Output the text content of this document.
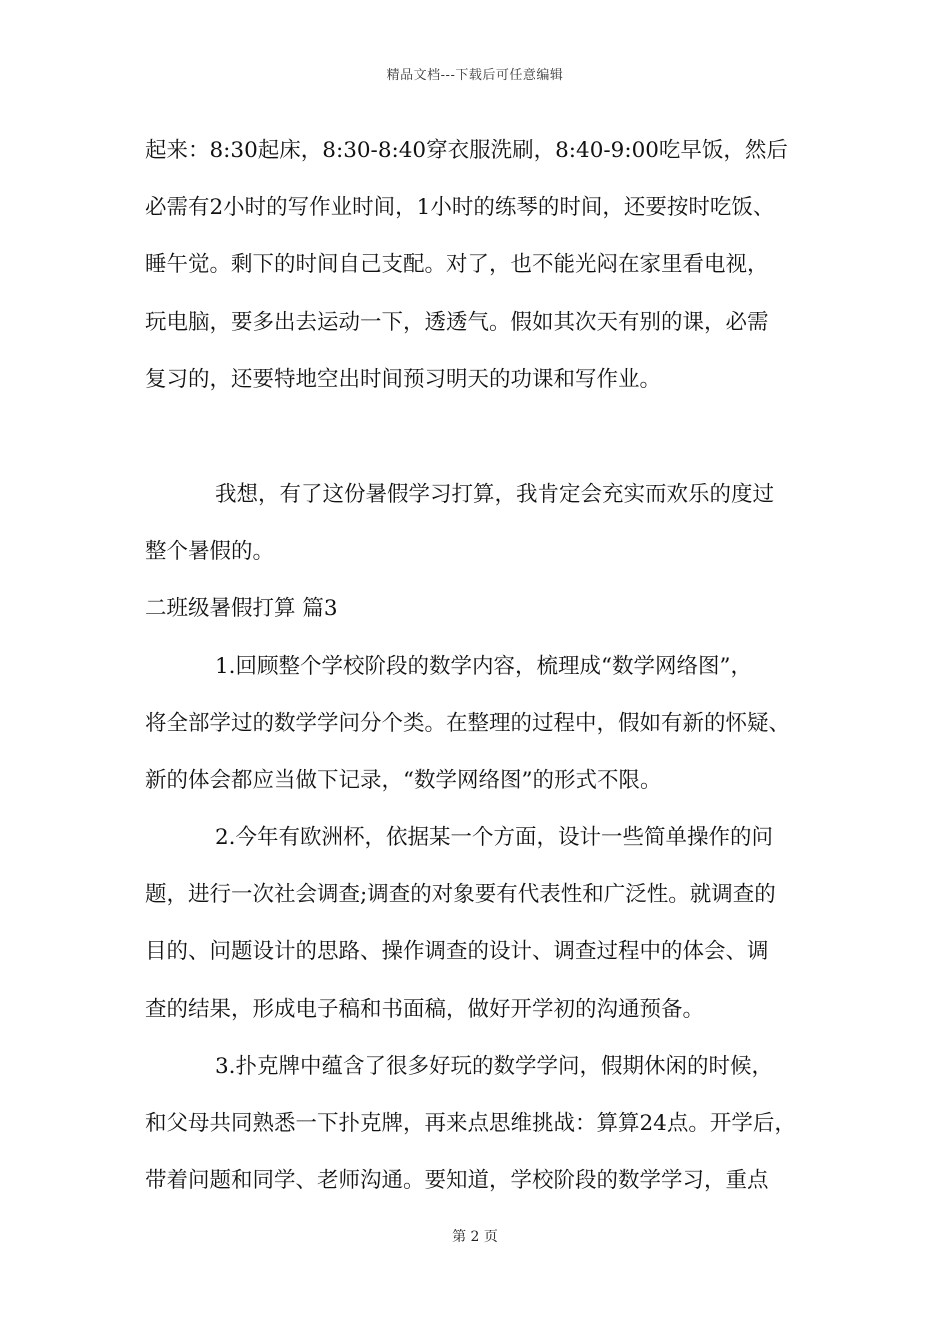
精品文档---下载后可任意编辑
起来：8:30起床，8:30-8:40穿衣服洗刷，8:40-9:00吃早饭，然后
必需有2小时的写作业时间，1小时的练琴的时间，还要按时吃饭、
睡午觉。剩下的时间自己支配。对了，也不能光闷在家里看电视，
玩电脑，要多出去运动一下，透透气。假如其次天有别的课，必需
复习的，还要特地空出时间预习明天的功课和写作业。
我想，有了这份暑假学习打算，我肯定会充实而欢乐的度过
整个暑假的。
二班级暑假打算 篇3
1.回顾整个学校阶段的数学内容，梳理成“数学网络图”，
将全部学过的数学学问分个类。在整理的过程中，假如有新的怀疑、
新的体会都应当做下记录，“数学网络图”的形式不限。
2.今年有欧洲杯，依据某一个方面，设计一些简单操作的问
题，进行一次社会调查;调查的对象要有代表性和广泛性。就调查的
目的、问题设计的思路、操作调查的设计、调查过程中的体会、调
查的结果，形成电子稿和书面稿，做好开学初的沟通预备。
3.扑克牌中蕴含了很多好玩的数学学问，假期休闲的时候，
和父母共同熟悉一下扑克牌，再来点思维挑战：算算24点。开学后，
带着问题和同学、老师沟通。要知道，学校阶段的数学学习，重点
第 2 页
